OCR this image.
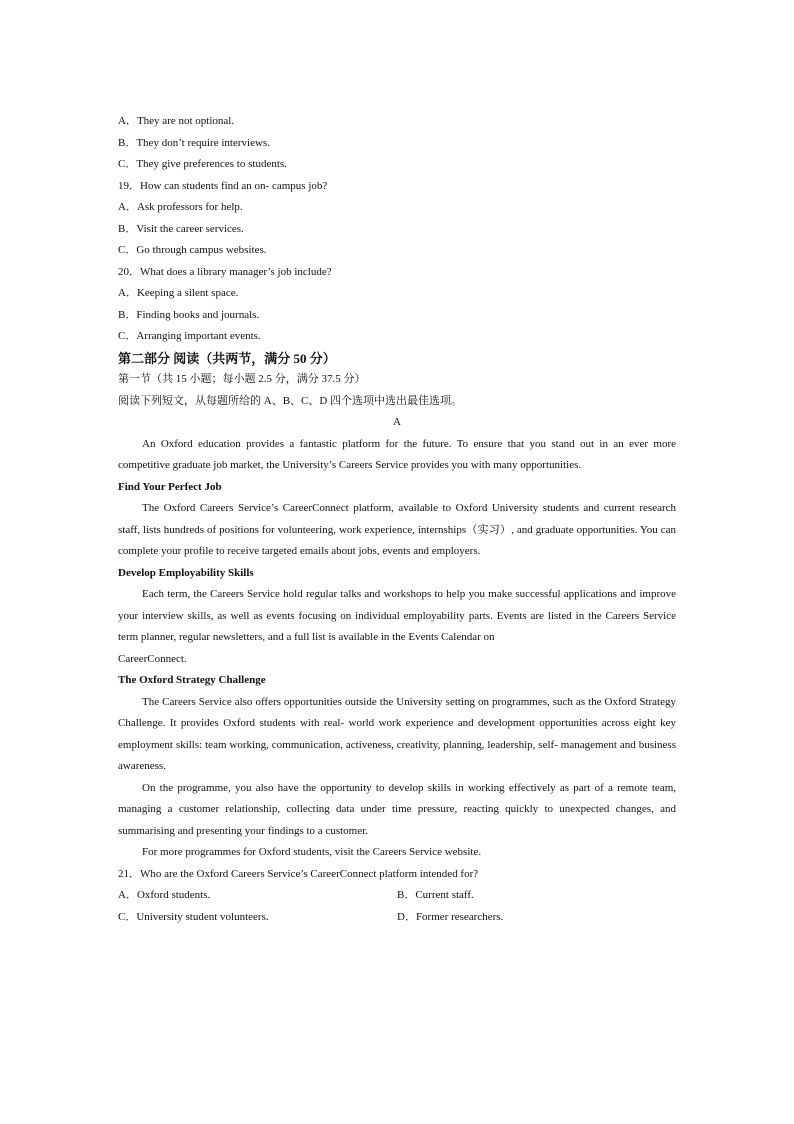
A．They are not optional.
B．They don’t require interviews.
C．They give preferences to students.
19．How can students find an on- campus job?
A．Ask professors for help.
B．Visit the career services.
C．Go through campus websites.
20．What does a library manager’s job include?
A．Keeping a silent space.
B．Finding books and journals.
C．Arranging important events.
第二部分 阅读（共两节，满分 50 分）
第一节（共 15 小题；每小题 2.5 分，满分 37.5 分）
阅读下列短文，从每题所给的 A、B、C、D 四个选项中选出最佳选项。
A
An Oxford education provides a fantastic platform for the future. To ensure that you stand out in an ever more competitive graduate job market, the University’s Careers Service provides you with many opportunities.
Find Your Perfect Job
The Oxford Careers Service’s CareerConnect platform, available to Oxford University students and current research staff, lists hundreds of positions for volunteering, work experience, internships（实习）, and graduate opportunities. You can complete your profile to receive targeted emails about jobs, events and employers.
Develop Employability Skills
Each term, the Careers Service hold regular talks and workshops to help you make successful applications and improve your interview skills, as well as events focusing on individual employability parts. Events are listed in the Careers Service term planner, regular newsletters, and a full list is available in the Events Calendar on
CareerConnect.
The Oxford Strategy Challenge
The Careers Service also offers opportunities outside the University setting on programmes, such as the Oxford Strategy Challenge. It provides Oxford students with real- world work experience and development opportunities across eight key employment skills: team working, communication, activeness, creativity, planning, leadership, self- management and business awareness.
On the programme, you also have the opportunity to develop skills in working effectively as part of a remote team, managing a customer relationship, collecting data under time pressure, reacting quickly to unexpected changes, and summarising and presenting your findings to a customer.
For more programmes for Oxford students, visit the Careers Service website.
21．Who are the Oxford Careers Service’s CareerConnect platform intended for?
A．Oxford students.	B．Current staff.
C．University student volunteers.	D．Former researchers.
